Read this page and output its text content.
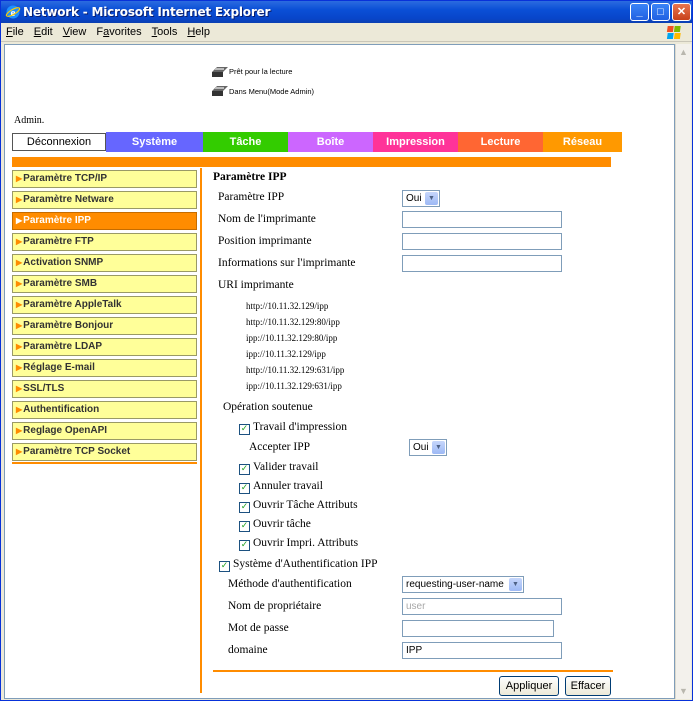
e Network - Microsoft Internet Explorer	_	□	✕
File Edit View Favorites Tools Help
▲
▼
Prêt pour la lecture
Dans Menu(Mode Admin)
Admin.
Déconnexion	Système	Tâche	Boîte	Impression	Lecture	Réseau
▶Paramètre TCP/IP
▶Paramètre Netware
▶Paramètre IPP
▶Paramètre FTP
▶Activation SNMP
▶Paramètre SMB
▶Paramètre AppleTalk
▶Paramètre Bonjour
▶Paramètre LDAP
▶Réglage E-mail
▶SSL/TLS
▶Authentification
▶Reglage OpenAPI
▶Paramètre TCP Socket
Paramètre IPP
Paramètre IPP	Oui ▼
Nom de l'imprimante
Position imprimante
Informations sur l'imprimante
URI imprimante
http://10.11.32.129/ipp
http://10.11.32.129:80/ipp
ipp://10.11.32.129:80/ipp
ipp://10.11.32.129/ipp
http://10.11.32.129:631/ipp
ipp://10.11.32.129:631/ipp
Opération soutenue
✓ Travail d'impression
Accepter IPP	Oui ▼
✓ Valider travail
✓ Annuler travail
✓ Ouvrir Tâche Attributs
✓ Ouvrir tâche
✓ Ouvrir Impri. Attributs
✓ Système d'Authentification IPP
Méthode d'authentification	requesting-user-name	▼
Nom de propriétaire	user
Mot de passe
domaine	IPP
Appliquer	Effacer
